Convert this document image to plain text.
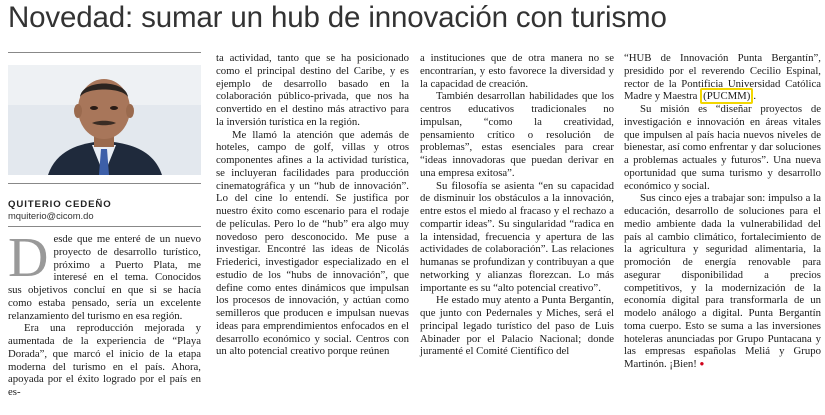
Novedad: sumar un hub de innovación con turismo
QUITERIO CEDEÑO
mquiterio@cicom.do

Desde que me enteré de un nuevo proyecto de desarrollo turístico, próximo a Puerto Plata, me interesé en el tema. Conocidos sus objetivos concluí en que si se hacía como estaba pensado, sería un excelente relanzamiento del turismo en esa región.

Era una reproducción mejorada y aumentada de la experiencia de “Playa Dorada”, que marcó el inicio de la etapa moderna del turismo en el país. Ahora, apoyada por el éxito logrado por el país en es-

ta actividad, tanto que se ha posicionado como el principal destino del Caribe, y es ejemplo de desarrollo basado en la colaboración público-privada, que nos ha convertido en el destino más atractivo para la inversión turística en la región.

Me llamó la atención que además de hoteles, campo de golf, villas y otros componentes afines a la actividad turística, se incluyeran facilidades para producción cinematográfica y un “hub de innovación”. Lo del cine lo entendí. Se justifica por nuestro éxito como escenario para el rodaje de películas. Pero lo de “hub” era algo muy novedoso pero desconocido. Me puse a investigar. Encontré las ideas de Nicolás Friederici, investigador especializado en el estudio de los “hubs de innovación”, que define como entes dinámicos que impulsan los procesos de innovación, y actúan como semilleros que producen e impulsan nuevas ideas para emprendimientos enfocados en el desarrollo económico y social. Centros con un alto potencial creativo porque reúnen

a instituciones que de otra manera no se encontrarían, y esto favorece la diversidad y la capacidad de creación.

También desarrollan habilidades que los centros educativos tradicionales no impulsan, “como la creatividad, pensamiento crítico o resolución de problemas”, estas esenciales para crear “ideas innovadoras que puedan derivar en una empresa exitosa”.

Su filosofía se asienta “en su capacidad de disminuir los obstáculos a la innovación, entre estos el miedo al fracaso y el rechazo a compartir ideas”. Su singularidad “radica en la intensidad, frecuencia y apertura de las actividades de colaboración”. Las relaciones humanas se profundizan y contribuyan a que networking y alianzas florezcan. Lo más importante es su “alto potencial creativo”.

He estado muy atento a Punta Bergantín, que junto con Pedernales y Miches, será el principal legado turístico del paso de Luis Abinader por el Palacio Nacional; donde juramenté el Comité Científico del

“HUB de Innovación Punta Bergantín”, presidido por el reverendo Cecilio Espinal, rector de la Pontificia Universidad Católica Madre y Maestra (PUCMM) .

Su misión es “diseñar proyectos de investigación e innovación en áreas vitales que impulsen al país hacia nuevos niveles de bienestar, así como enfrentar y dar soluciones a problemas actuales y futuros”. Una nueva oportunidad que suma turismo y desarrollo económico y social.

Sus cinco ejes a trabajar son: impulso a la educación, desarrollo de soluciones para el medio ambiente dada la vulnerabilidad del país al cambio climático, fortalecimiento de la agricultura y seguridad alimentaria, la promoción de energía renovable para asegurar disponibilidad a precios competitivos, y la modernización de la economía digital para transformarla de un modelo análogo a digital. Punta Bergantín toma cuerpo. Esto se suma a las inversiones hoteleras anunciadas por Grupo Puntacana y las empresas españolas Meliá y Grupo Martinón. ¡Bien! ●
